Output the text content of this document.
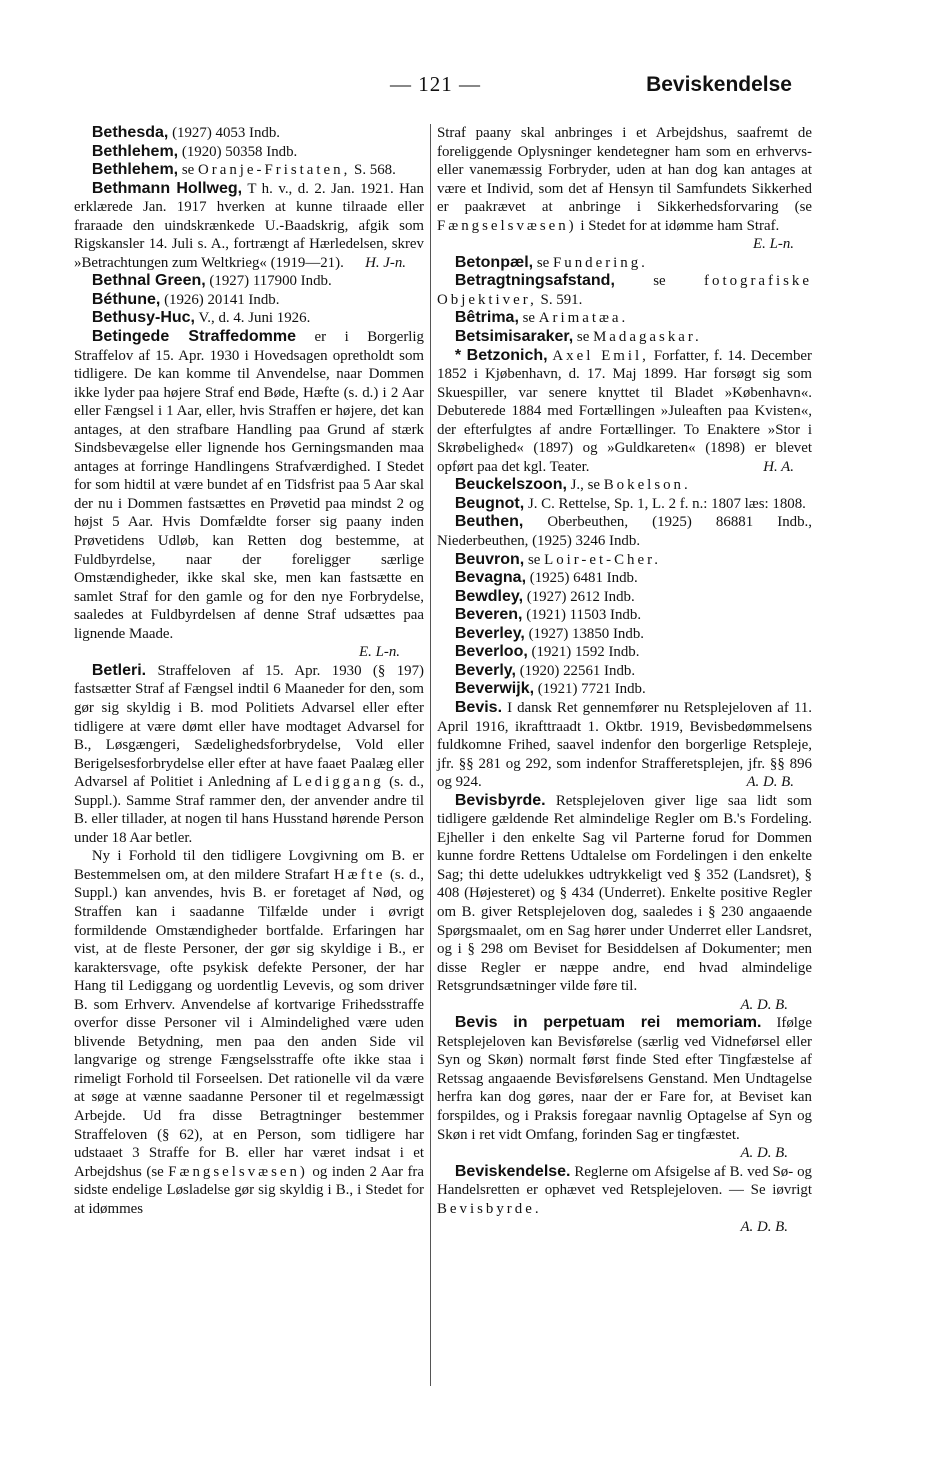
— 121 —	Beviskendelse

Bethesda, (1927) 4053 Indb.

Bethlehem, (1920) 50358 Indb.

Bethlehem, se Oranje-Fristaten, S. 568.

Bethmann Hollweg, T h. v., d. 2. Jan. 1921. Han erklærede Jan. 1917 hverken at kunne tilraade eller fraraade den uindskrænkede U.-Baadskrig, afgik som Rigskansler 14. Juli s. A., fortrængt af Hærledelsen, skrev »Betrachtungen zum Weltkrieg« (1919—21).	H. J-n.

Bethnal Green, (1927) 117900 Indb.

Béthune, (1926) 20141 Indb.

Bethusy-Huc, V., d. 4. Juni 1926.

Betingede Straffedomme er i Borgerlig Straffelov af 15. Apr. 1930 i Hovedsagen opretholdt som tidligere. De kan komme til Anvendelse, naar Dommen ikke lyder paa højere Straf end Bøde, Hæfte (s. d.) i 2 Aar eller Fængsel i 1 Aar, eller, hvis Straffen er højere, det kan antages, at den strafbare Handling paa Grund af stærk Sindsbevægelse eller lignende hos Gerningsmanden maa antages at forringe Handlingens Strafværdighed. I Stedet for som hidtil at være bundet af en Tidsfrist paa 5 Aar skal der nu i Dommen fastsættes en Prøvetid paa mindst 2 og højst 5 Aar. Hvis Domfældte forser sig paany inden Prøvetidens Udløb, kan Retten dog bestemme, at Fuldbyrdelse, naar der foreligger særlige Omstændigheder, ikke skal ske, men kan fastsætte en samlet Straf for den gamle og for den nye Forbrydelse, saaledes at Fuldbyrdelsen af denne Straf udsættes paa lignende Maade.

E. L-n.

Betleri. Straffeloven af 15. Apr. 1930 (§ 197) fastsætter Straf af Fængsel indtil 6 Maaneder for den, som gør sig skyldig i B. mod Politiets Advarsel eller efter tidligere at være dømt eller have modtaget Advarsel for B., Løsgængeri, Sædelighedsforbrydelse, Vold eller Berigelsesforbrydelse eller efter at have faaet Paalæg eller Advarsel af Politiet i Anledning af Lediggang (s. d., Suppl.). Samme Straf rammer den, der anvender andre til B. eller tillader, at nogen til hans Husstand hørende Person under 18 Aar betler.

Ny i Forhold til den tidligere Lovgivning om B. er Bestemmelsen om, at den mildere Strafart Hæfte (s. d., Suppl.) kan anvendes, hvis B. er foretaget af Nød, og Straffen kan i saadanne Tilfælde under i øvrigt formildende Omstændigheder bortfalde. Erfaringen har vist, at de fleste Personer, der gør sig skyldige i B., er karaktersvage, ofte psykisk defekte Personer, der har Hang til Lediggang og uordentlig Levevis, og som driver B. som Erhverv. Anvendelse af kortvarige Frihedsstraffe overfor disse Personer vil i Almindelighed være uden blivende Betydning, men paa den anden Side vil langvarige og strenge Fængselsstraffe ofte ikke staa i rimeligt Forhold til Forseelsen. Det rationelle vil da være at søge at vænne saadanne Personer til et regelmæssigt Arbejde. Ud fra disse Betragtninger bestemmer Straffeloven (§ 62), at en Person, som tidligere har udstaaet 3 Straffe for B. eller har været indsat i et Arbejdshus (se Fængselsvæsen) og inden 2 Aar fra sidste endelige Løsladelse gør sig skyldig i B., i Stedet for at idømmes

Straf paany skal anbringes i et Arbejdshus, saafremt de foreliggende Oplysninger kendetegner ham som en erhvervs- eller vanemæssig Forbryder, uden at han dog kan antages at være et Individ, som det af Hensyn til Samfundets Sikkerhed er paakrævet at anbringe i Sikkerhedsforvaring (se Fængselsvæsen) i Stedet for at idømme ham Straf.
E. L-n.

Betonpæl, se Fundering.

Betragtningsafstand,	se	fotografiske Objektiver, S. 591.

Bêtrima, se Arimatæa.

Betsimisaraker, se Madagaskar.

* Betzonich, Axel Emil, Forfatter, f. 14. December 1852 i Kjøbenhavn, d. 17. Maj 1899. Har forsøgt sig som Skuespiller, var senere knyttet til Bladet »København«. Debuterede 1884 med Fortællingen »Juleaften paa Kvisten«, der efterfulgtes af andre Fortællinger. To Enaktere »Stor i Skrøbelighed« (1897) og »Guldkareten« (1898) er blevet opført paa det kgl. Teater.	H. A.

Beuckelszoon, J., se Bokelson.

Beugnot, J. C. Rettelse, Sp. 1, L. 2 f. n.: 1807 læs: 1808.

Beuthen, Oberbeuthen, (1925) 86881 Indb., Niederbeuthen, (1925) 3246 Indb.

Beuvron, se Loir-et-Cher.

Bevagna, (1925) 6481 Indb.

Bewdley, (1927) 2612 Indb.

Beveren, (1921) 11503 Indb.

Beverley, (1927) 13850 Indb.

Beverloo, (1921) 1592 Indb.

Beverly, (1920) 22561 Indb.

Beverwijk, (1921) 7721 Indb.

Bevis. I dansk Ret gennemfører nu Retsplejeloven af 11. April 1916, ikrafttraadt 1. Oktbr. 1919, Bevisbedømmelsens fuldkomne Frihed, saavel indenfor den borgerlige Retspleje, jfr. §§ 281 og 292, som indenfor Strafferetsplejen, jfr. §§ 896 og 924.	A. D. B.

Bevisbyrde. Retsplejeloven giver lige saa lidt som tidligere gældende Ret almindelige Regler om B.'s Fordeling. Ejheller i den enkelte Sag vil Parterne forud for Dommen kunne fordre Rettens Udtalelse om Fordelingen i den enkelte Sag; thi dette udelukkes udtrykkeligt ved § 352 (Landsret), § 408 (Højesteret) og § 434 (Underret). Enkelte positive Regler om B. giver Retsplejeloven dog, saaledes i § 230 angaaende Spørgsmaalet, om en Sag hører under Underret eller Landsret, og i § 298 om Beviset for Besiddelsen af Dokumenter; men disse Regler er næppe andre, end hvad almindelige Retsgrundsætninger vilde føre til.

A. D. B.

Bevis in perpetuam rei memoriam. Ifølge Retsplejeloven kan Bevisførelse (særlig ved Vidneførsel eller Syn og Skøn) normalt først finde Sted efter Tingfæstelse af Retssag angaaende Bevisførelsens Genstand. Men Undtagelse herfra kan dog gøres, naar der er Fare for, at Beviset kan forspildes, og i Praksis foregaar navnlig Optagelse af Syn og Skøn i ret vidt Omfang, forinden Sag er tingfæstet.

A. D. B.

Beviskendelse. Reglerne om Afsigelse af B. ved Sø- og Handelsretten er ophævet ved Retsplejeloven. — Se iøvrigt Bevisbyrde.

A. D. B.
